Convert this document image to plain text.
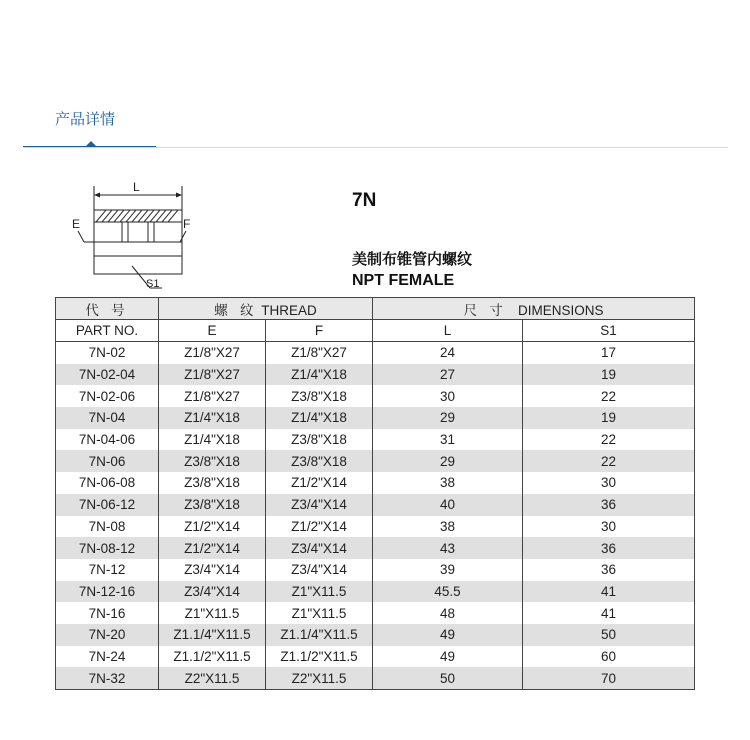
产品详情
L
E	F
S1
7N
美制布锥管内螺纹
NPT FEMALE
代 号	螺 纹 THREAD		尺 寸 DIMENSIONS	
PART NO.	E	F	L	S1
7N-02	Z1/8"X27	Z1/8"X27	24	17
7N-02-04	Z1/8"X27	Z1/4"X18	27	19
7N-02-06	Z1/8"X27	Z3/8"X18	30	22
7N-04	Z1/4"X18	Z1/4"X18	29	19
7N-04-06	Z1/4"X18	Z3/8"X18	31	22
7N-06	Z3/8"X18	Z3/8"X18	29	22
7N-06-08	Z3/8"X18	Z1/2"X14	38	30
7N-06-12	Z3/8"X18	Z3/4"X14	40	36
7N-08	Z1/2"X14	Z1/2"X14	38	30
7N-08-12	Z1/2"X14	Z3/4"X14	43	36
7N-12	Z3/4"X14	Z3/4"X14	39	36
7N-12-16	Z3/4"X14	Z1"X11.5	45.5	41
7N-16	Z1"X11.5	Z1"X11.5	48	41
7N-20	Z1.1/4"X11.5	Z1.1/4"X11.5	49	50
7N-24	Z1.1/2"X11.5	Z1.1/2"X11.5	49	60
7N-32	Z2"X11.5	Z2"X11.5	50	70
